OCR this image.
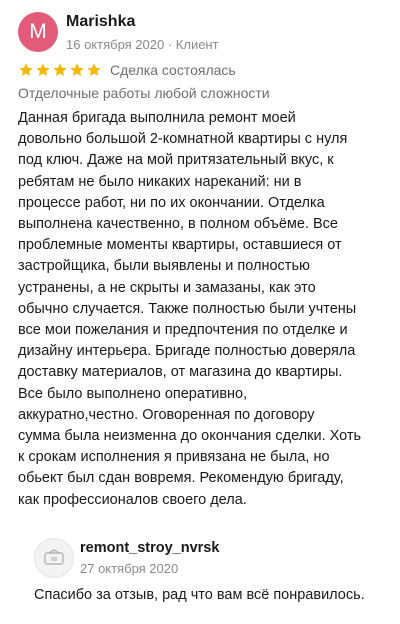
M Marishka
16 октября 2020 · Клиент
Сделка состоялась
Отделочные работы любой сложности
Данная бригада выполнила ремонт моей
довольно большой 2-комнатной квартиры с нуля
под ключ. Даже на мой притязательный вкус, к
ребятам не было никаких нареканий: ни в
процессе работ, ни по их окончании. Отделка
выполнена качественно, в полном объёме. Все
проблемные моменты квартиры, оставшиеся от
застройщика, были выявлены и полностью
устранены, а не скрыты и замазаны, как это
обычно случается. Также полностью были учтены
все мои пожелания и предпочтения по отделке и
дизайну интерьера. Бригаде полностью доверяла
доставку материалов, от магазина до квартиры.
Все было выполнено оперативно,
аккуратно,честно. Оговоренная по договору
сумма была неизменна до окончания сделки. Хоть
к срокам исполнения я привязана не была, но
обьект был сдан вовремя. Рекомендую бригаду,
как профессионалов своего дела.
remont_stroy_nvrsk
27 октября 2020
Спасибо за отзыв, рад что вам всё понравилось.
